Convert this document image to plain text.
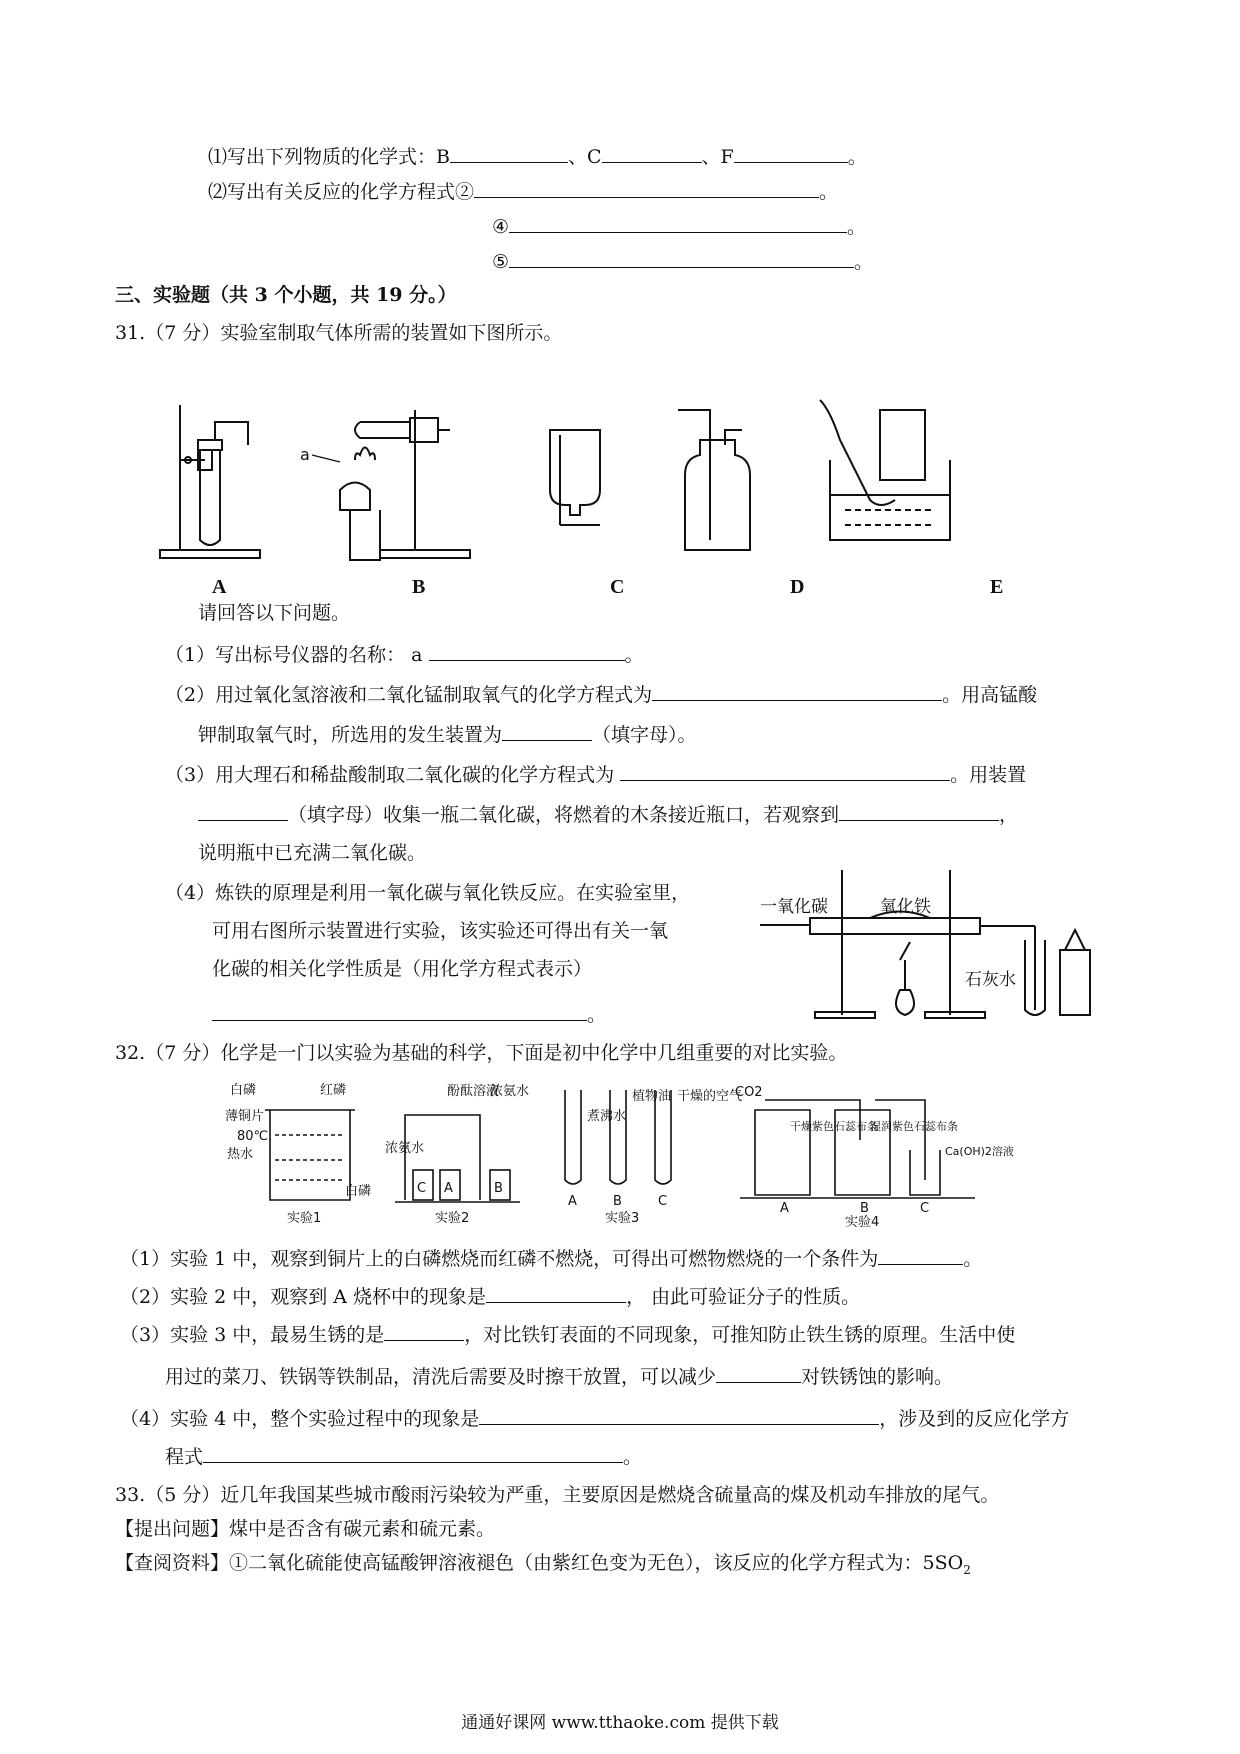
⑴写出下列物质的化学式：B	、C	、F	。
⑵写出有关反应的化学方程式②	。
④	。
⑤	。
三、实验题（共 3 个小题，共 19 分。）
31.（7 分）实验室制取气体所需的装置如下图所示。
a
A	B	C	D	E
请回答以下问题。
（1）写出标号仪器的名称： a	。
（2）用过氧化氢溶液和二氧化锰制取氧气的化学方程式为	。用高锰酸
钾制取氧气时，所选用的发生装置为	（填字母）。
（3）用大理石和稀盐酸制取二氧化碳的化学方程式为	。用装置
（填字母）收集一瓶二氧化碳，将燃着的木条接近瓶口，若观察到	，
说明瓶中已充满二氧化碳。
（4）炼铁的原理是利用一氧化碳与氧化铁反应。在实验室里，
可用右图所示装置进行实验，该实验还可得出有关一氧
化碳的相关化学性质是（用化学方程式表示）
。
一氧化碳	氧化铁
石灰水
32.（7 分）化学是一门以实验为基础的科学，下面是初中化学中几组重要的对比实验。
白磷	红磷
薄铜片
80℃
热水
白磷
实验1
浓氨水
酚酞溶液
浓氨水
C A	B
实验2
煮沸水
植物油 干燥的空气
A	B	C
实验3
CO2
干燥紫色石蕊布条
湿润紫色石蕊布条
Ca(OH)2溶液
A	B	C
实验4
（1）实验 1 中，观察到铜片上的白磷燃烧而红磷不燃烧，可得出可燃物燃烧的一个条件为	。
（2）实验 2 中，观察到 A 烧杯中的现象是	， 由此可验证分子的性质。
（3）实验 3 中，最易生锈的是	，对比铁钉表面的不同现象，可推知防止铁生锈的原理。生活中使
用过的菜刀、铁锅等铁制品，清洗后需要及时擦干放置，可以减少	对铁锈蚀的影响。
（4）实验 4 中，整个实验过程中的现象是	，涉及到的反应化学方
程式	。
33.（5 分）近几年我国某些城市酸雨污染较为严重，主要原因是燃烧含硫量高的煤及机动车排放的尾气。
【提出问题】煤中是否含有碳元素和硫元素。
【查阅资料】①二氧化硫能使高锰酸钾溶液褪色（由紫红色变为无色），该反应的化学方程式为：$5SO_2$
通通好课网 www.tthaoke.com 提供下载
